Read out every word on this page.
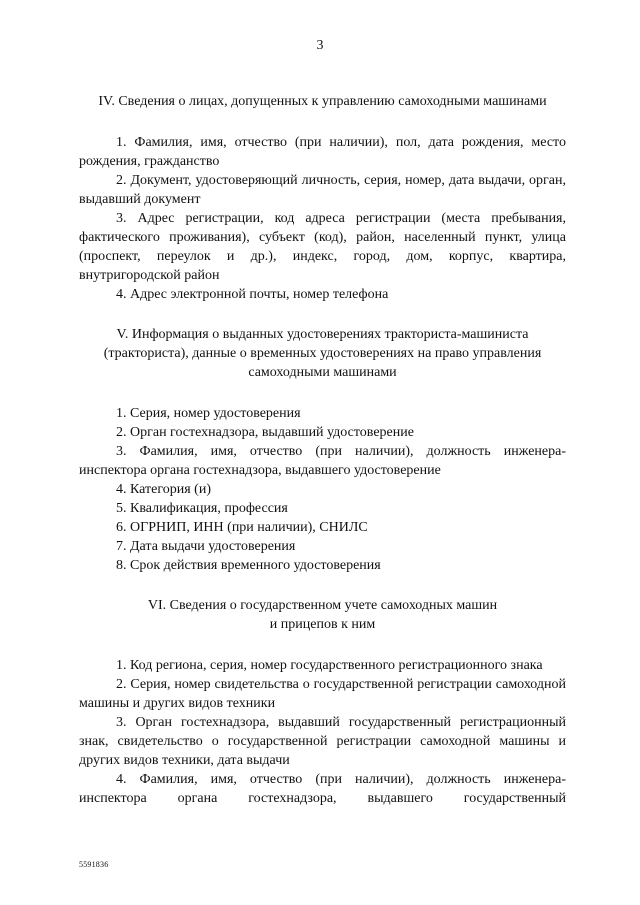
3

IV. Сведения о лицах, допущенных к управлению самоходными машинами

1. Фамилия, имя, отчество (при наличии), пол, дата рождения, место рождения, гражданство

2. Документ, удостоверяющий личность, серия, номер, дата выдачи, орган, выдавший документ

3. Адрес регистрации, код адреса регистрации (места пребывания, фактического проживания), субъект (код), район, населенный пункт, улица (проспект, переулок и др.), индекс, город, дом, корпус, квартира, внутригородской район

4. Адрес электронной почты, номер телефона

V. Информация о выданных удостоверениях тракториста-машиниста
(тракториста), данные о временных удостоверениях на право управления
самоходными машинами

1. Серия, номер удостоверения

2. Орган гостехнадзора, выдавший удостоверение

3. Фамилия, имя, отчество (при наличии), должность инженера-инспектора органа гостехнадзора, выдавшего удостоверение

4. Категория (и)

5. Квалификация, профессия

6. ОГРНИП, ИНН (при наличии), СНИЛС

7. Дата выдачи удостоверения

8. Срок действия временного удостоверения

VI. Сведения о государственном учете самоходных машин
и прицепов к ним

1. Код региона, серия, номер государственного регистрационного знака

2. Серия, номер свидетельства о государственной регистрации самоходной машины и других видов техники

3. Орган гостехнадзора, выдавший государственный регистрационный знак, свидетельство о государственной регистрации самоходной машины и других видов техники, дата выдачи

4. Фамилия, имя, отчество (при наличии), должность инженера-инспектора органа гостехнадзора, выдавшего государственный

5591836
